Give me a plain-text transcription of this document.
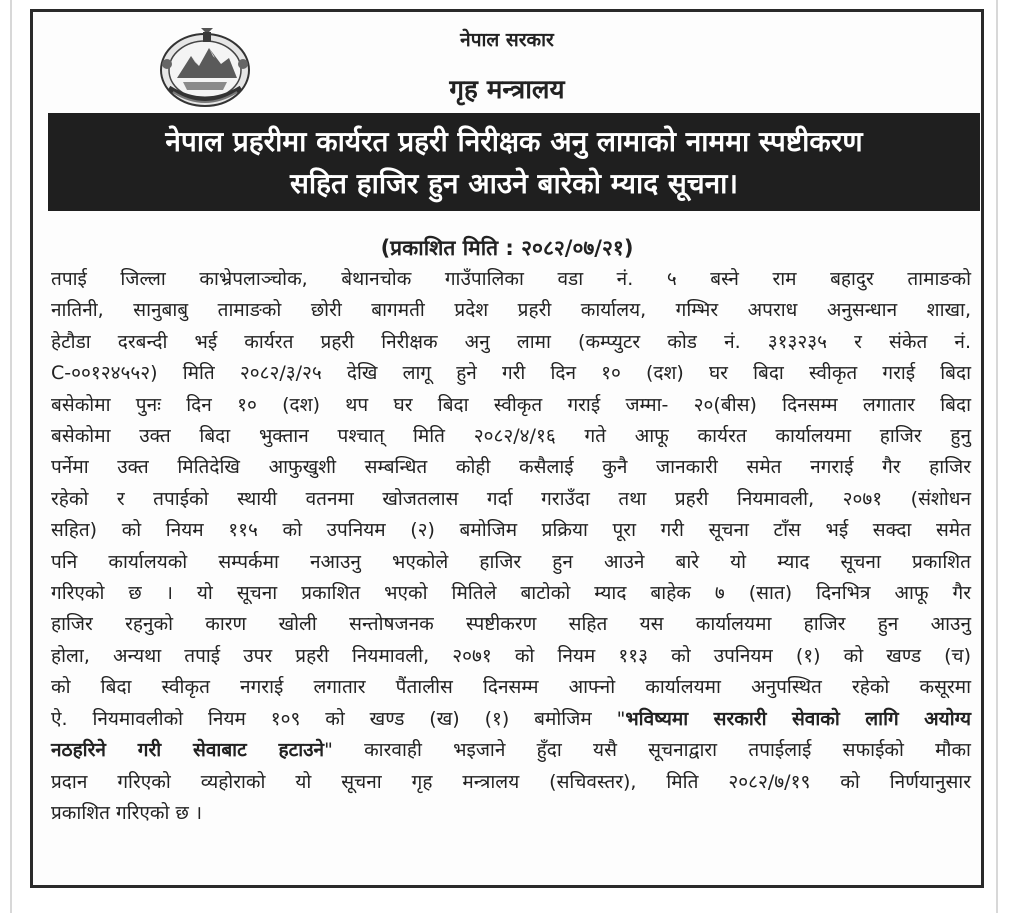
नेपाल सरकार
गृह मन्त्रालय
नेपाल प्रहरीमा कार्यरत प्रहरी निरीक्षक अनु लामाको नाममा स्पष्टीकरण
सहित हाजिर हुन आउने बारेको म्याद सूचना।
(प्रकाशित मिति : २०८२/०७/२१)
तपाई जिल्ला काभ्रेपलाञ्चोक, बेथानचोक गाउँपालिका वडा नं. ५ बस्ने राम बहादुर तामाङको
नातिनी, सानुबाबु तामाङको छोरी बागमती प्रदेश प्रहरी कार्यालय, गम्भिर अपराध अनुसन्धान शाखा,
हेटौडा दरबन्दी भई कार्यरत प्रहरी निरीक्षक अनु लामा (कम्प्युटर कोड नं. ३१३२३५ र संकेत नं.
C-००१२४५५२) मिति २०८२/३/२५ देखि लागू हुने गरी दिन १० (दश) घर बिदा स्वीकृत गराई बिदा
बसेकोमा पुनः दिन १० (दश) थप घर बिदा स्वीकृत गराई जम्मा- २०(बीस) दिनसम्म लगातार बिदा
बसेकोमा उक्त बिदा भुक्तान पश्चात् मिति २०८२/४/१६ गते आफू कार्यरत कार्यालयमा हाजिर हुनु
पर्नेमा उक्त मितिदेखि आफुखुशी सम्बन्धित कोही कसैलाई कुनै जानकारी समेत नगराई गैर हाजिर
रहेको र तपाईको स्थायी वतनमा खोजतलास गर्दा गराउँदा तथा प्रहरी नियमावली, २०७१ (संशोधन
सहित) को नियम ११५ को उपनियम (२) बमोजिम प्रक्रिया पूरा गरी सूचना टाँस भई सक्दा समेत
पनि कार्यालयको सम्पर्कमा नआउनु भएकोले हाजिर हुन आउने बारे यो म्याद सूचना प्रकाशित
गरिएको छ । यो सूचना प्रकाशित भएको मितिले बाटोको म्याद बाहेक ७ (सात) दिनभित्र आफू गैर
हाजिर रहनुको कारण खोली सन्तोषजनक स्पष्टीकरण सहित यस कार्यालयमा हाजिर हुन आउनु
होला, अन्यथा तपाई उपर प्रहरी नियमावली, २०७१ को नियम ११३ को उपनियम (१) को खण्ड (च)
को बिदा स्वीकृत नगराई लगातार पैंतालीस दिनसम्म आफ्नो कार्यालयमा अनुपस्थित रहेको कसूरमा
ऐ. नियमावलीको नियम १०९ को खण्ड (ख) (१) बमोजिम "भविष्यमा सरकारी सेवाको लागि अयोग्य
नठहरिने गरी सेवाबाट हटाउने" कारवाही भइजाने हुँदा यसै सूचनाद्वारा तपाईलाई सफाईको मौका
प्रदान गरिएको व्यहोराको यो सूचना गृह मन्त्रालय (सचिवस्तर), मिति २०८२/७/१९ को निर्णयानुसार
प्रकाशित गरिएको छ ।
